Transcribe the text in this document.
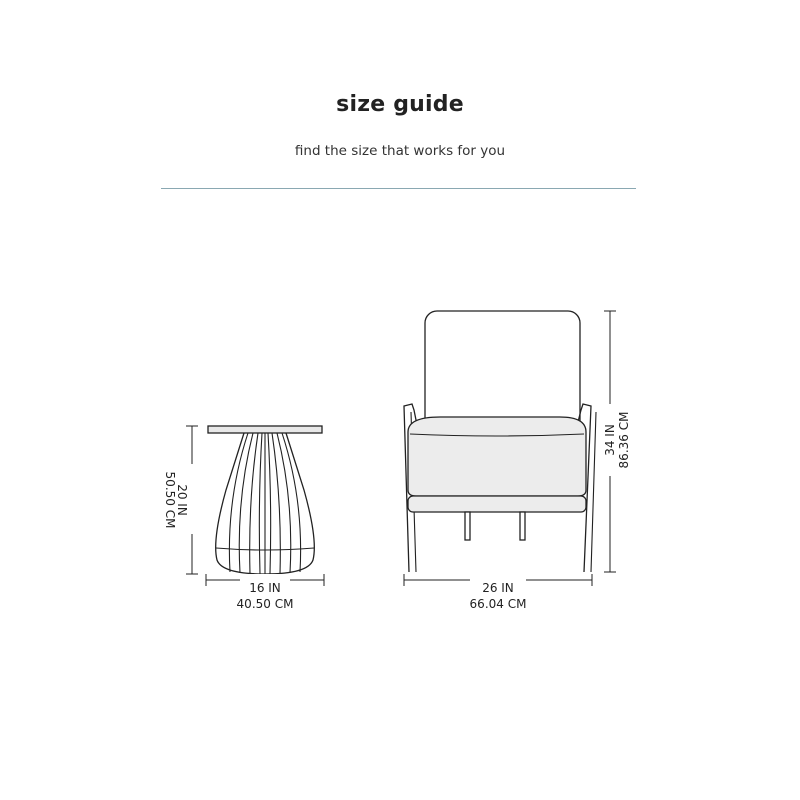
size guide
find the size that works for you
20 IN
50.50 CM
16 IN
40.50 CM
34 IN 86.36 CM
26 IN
66.04 CM
